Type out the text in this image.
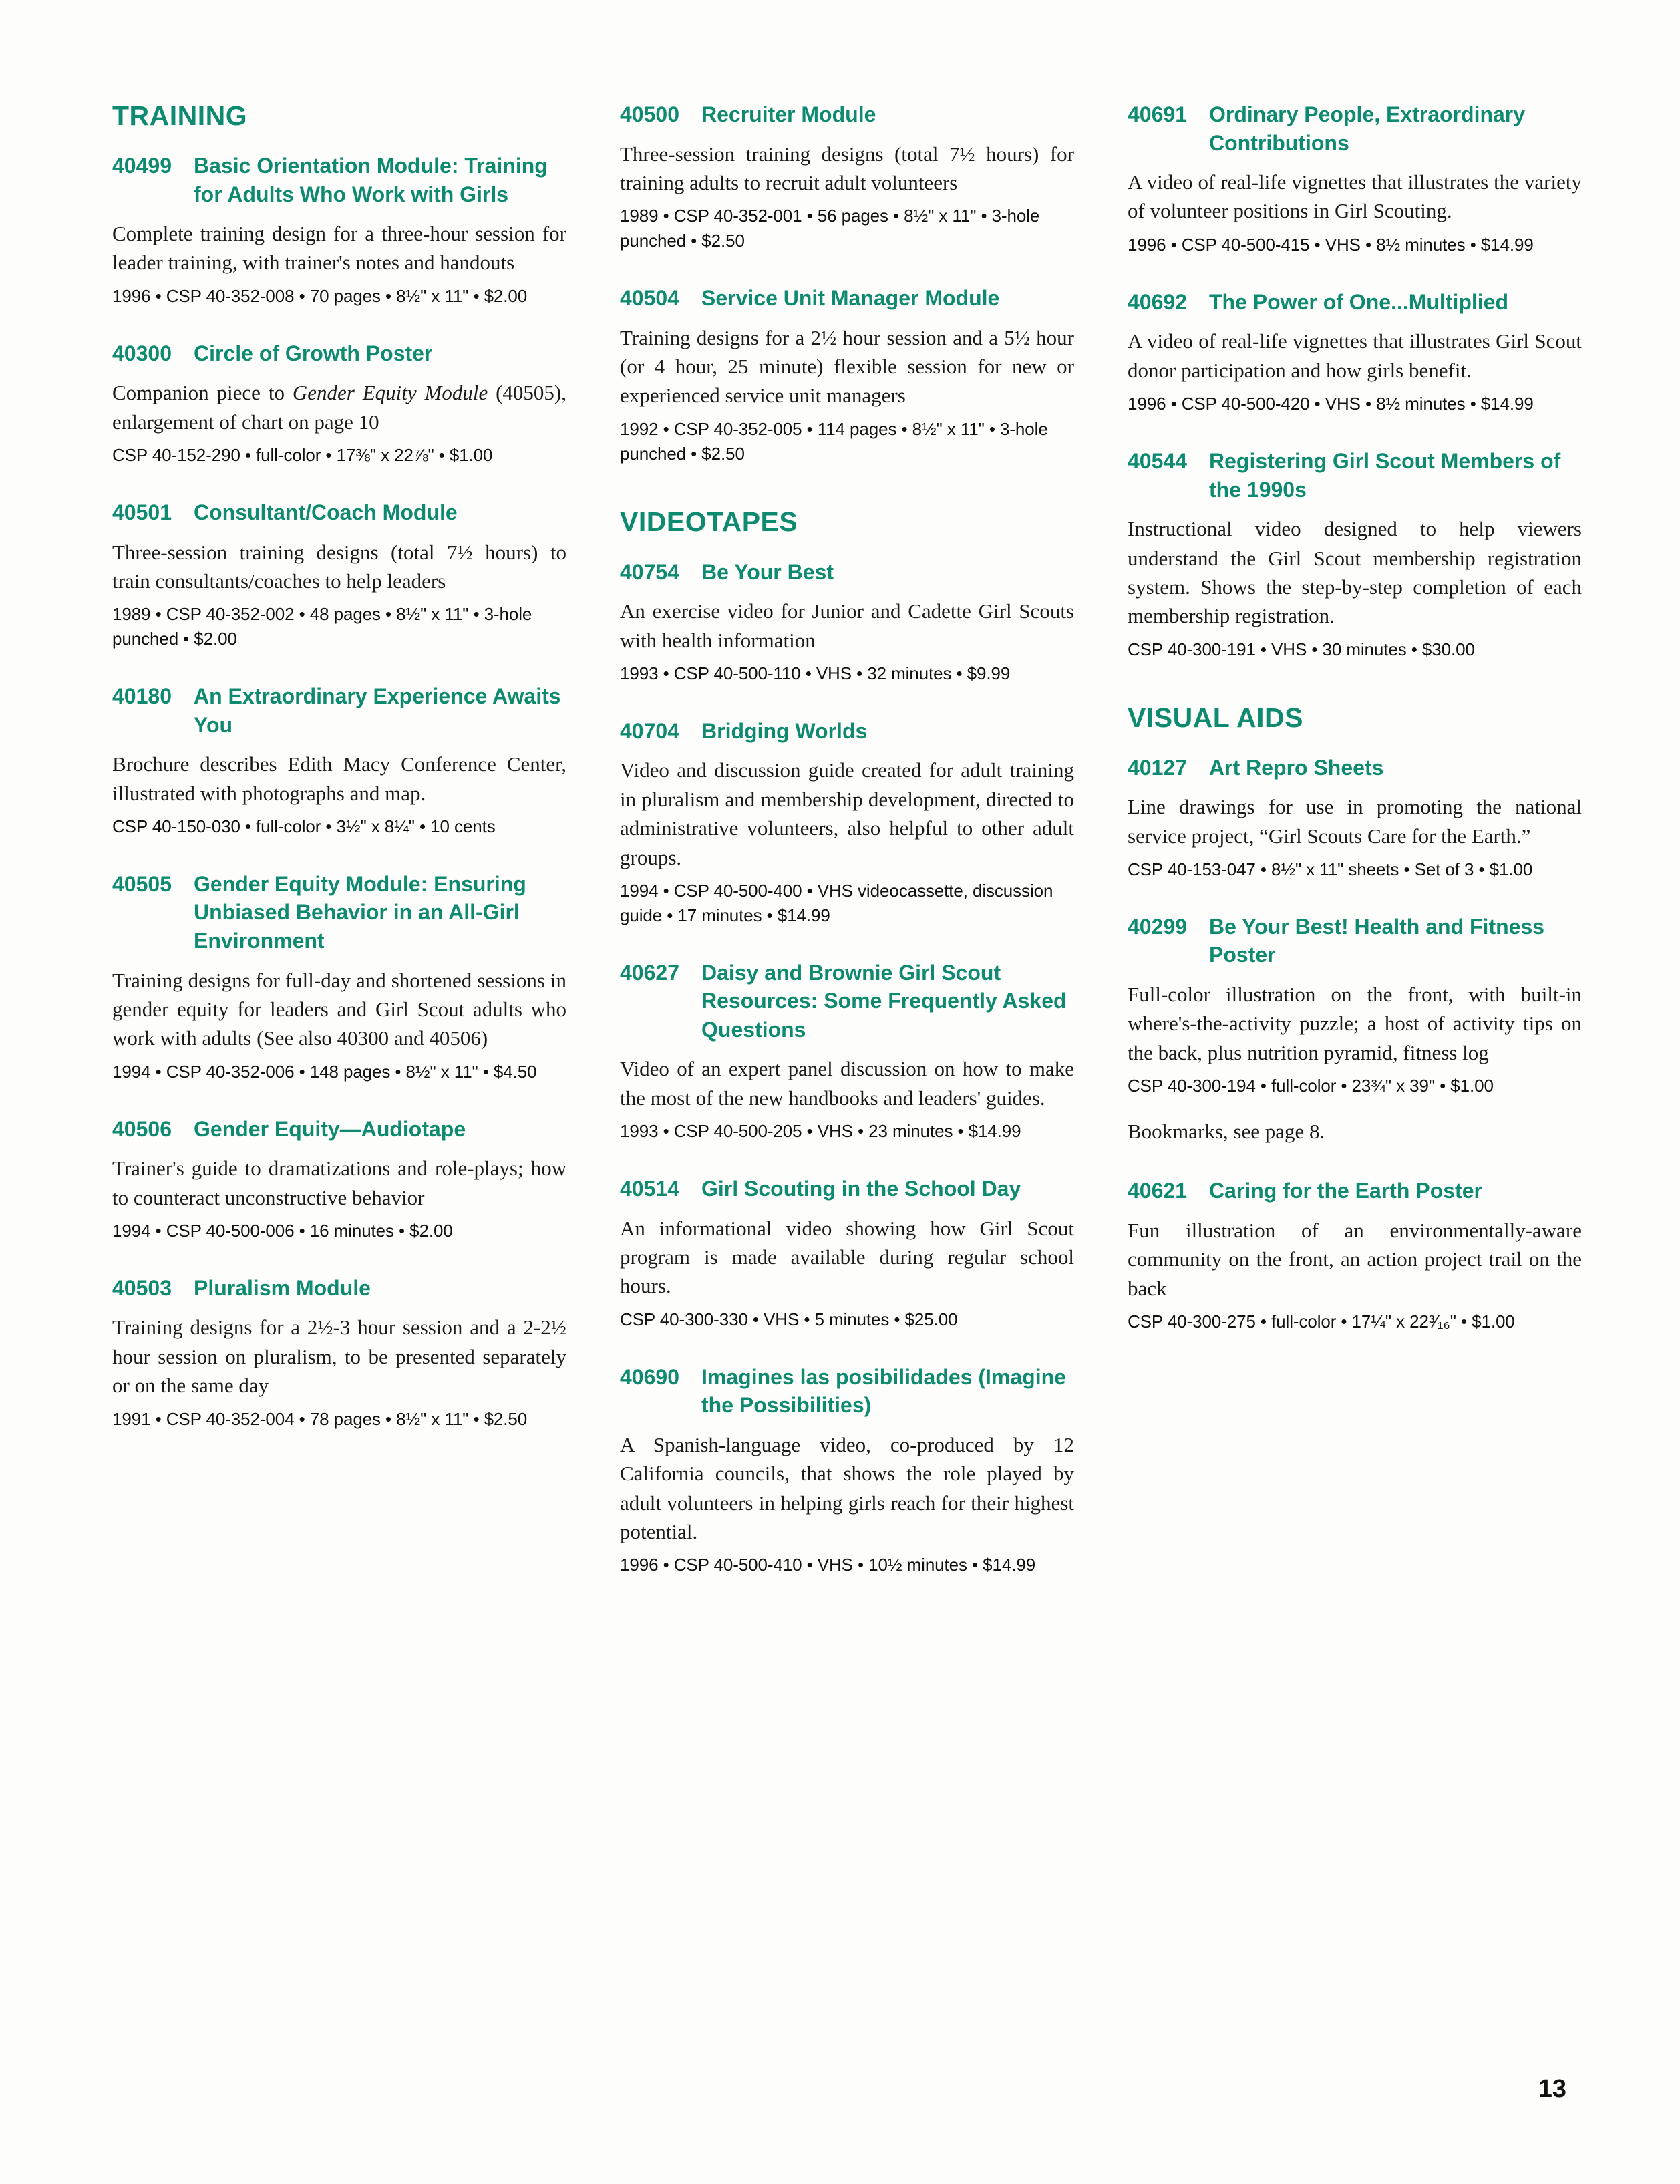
TRAINING
40499	Basic Orientation Module: Training for Adults Who Work with Girls

Complete training design for a three-hour session for leader training, with trainer's notes and handouts

1996 • CSP 40-352-008 • 70 pages • 8½" x 11" • $2.00

40300	Circle of Growth Poster

Companion piece to Gender Equity Module (40505), enlargement of chart on page 10

CSP 40-152-290 • full-color • 17⅜" x 22⅞" • $1.00

40501	Consultant/Coach Module

Three-session training designs (total 7½ hours) to train consultants/coaches to help leaders

1989 • CSP 40-352-002 • 48 pages • 8½" x 11" • 3-hole punched • $2.00

40180	An Extraordinary Experience Awaits You

Brochure describes Edith Macy Conference Center, illustrated with photographs and map.

CSP 40-150-030 • full-color • 3½" x 8¼" • 10 cents

40505	Gender Equity Module: Ensuring Unbiased Behavior in an All-Girl Environment

Training designs for full-day and shortened sessions in gender equity for leaders and Girl Scout adults who work with adults (See also 40300 and 40506)

1994 • CSP 40-352-006 • 148 pages • 8½" x 11" • $4.50

40506	Gender Equity—Audiotape

Trainer's guide to dramatizations and role-plays; how to counteract unconstructive behavior

1994 • CSP 40-500-006 • 16 minutes • $2.00

40503	Pluralism Module

Training designs for a 2½-3 hour session and a 2-2½ hour session on pluralism, to be presented separately or on the same day

1991 • CSP 40-352-004 • 78 pages • 8½" x 11" • $2.50

40500	Recruiter Module

Three-session training designs (total 7½ hours) for training adults to recruit adult volunteers

1989 • CSP 40-352-001 • 56 pages • 8½" x 11" • 3-hole punched • $2.50

40504	Service Unit Manager Module

Training designs for a 2½ hour session and a 5½ hour (or 4 hour, 25 minute) flexible session for new or experienced service unit managers

1992 • CSP 40-352-005 • 114 pages • 8½" x 11" • 3-hole punched • $2.50

VIDEOTAPES
40754	Be Your Best

An exercise video for Junior and Cadette Girl Scouts with health information

1993 • CSP 40-500-110 • VHS • 32 minutes • $9.99

40704	Bridging Worlds

Video and discussion guide created for adult training in pluralism and membership development, directed to administrative volunteers, also helpful to other adult groups.

1994 • CSP 40-500-400 • VHS videocassette, discussion guide • 17 minutes • $14.99

40627	Daisy and Brownie Girl Scout Resources: Some Frequently Asked Questions

Video of an expert panel discussion on how to make the most of the new handbooks and leaders' guides.

1993 • CSP 40-500-205 • VHS • 23 minutes • $14.99

40514	Girl Scouting in the School Day

An informational video showing how Girl Scout program is made available during regular school hours.

CSP 40-300-330 • VHS • 5 minutes • $25.00

40690	Imagines las posibilidades (Imagine the Possibilities)

A Spanish-language video, co-produced by 12 California councils, that shows the role played by adult volunteers in helping girls reach for their highest potential.

1996 • CSP 40-500-410 • VHS • 10½ minutes • $14.99

40691	Ordinary People, Extraordinary Contributions

A video of real-life vignettes that illustrates the variety of volunteer positions in Girl Scouting.

1996 • CSP 40-500-415 • VHS • 8½ minutes • $14.99

40692	The Power of One...Multiplied

A video of real-life vignettes that illustrates Girl Scout donor participation and how girls benefit.

1996 • CSP 40-500-420 • VHS • 8½ minutes • $14.99

40544	Registering Girl Scout Members of the 1990s

Instructional video designed to help viewers understand the Girl Scout membership registration system. Shows the step-by-step completion of each membership registration.

CSP 40-300-191 • VHS • 30 minutes • $30.00

VISUAL AIDS
40127	Art Repro Sheets

Line drawings for use in promoting the national service project, “Girl Scouts Care for the Earth.”

CSP 40-153-047 • 8½" x 11" sheets • Set of 3 • $1.00

40299	Be Your Best! Health and Fitness Poster

Full-color illustration on the front, with built-in where's-the-activity puzzle; a host of activity tips on the back, plus nutrition pyramid, fitness log

CSP 40-300-194 • full-color • 23¾" x 39" • $1.00

Bookmarks, see page 8.

40621	Caring for the Earth Poster

Fun illustration of an environmentally-aware community on the front, an action project trail on the back

CSP 40-300-275 • full-color • 17¼" x 22³⁄₁₆" • $1.00

13
